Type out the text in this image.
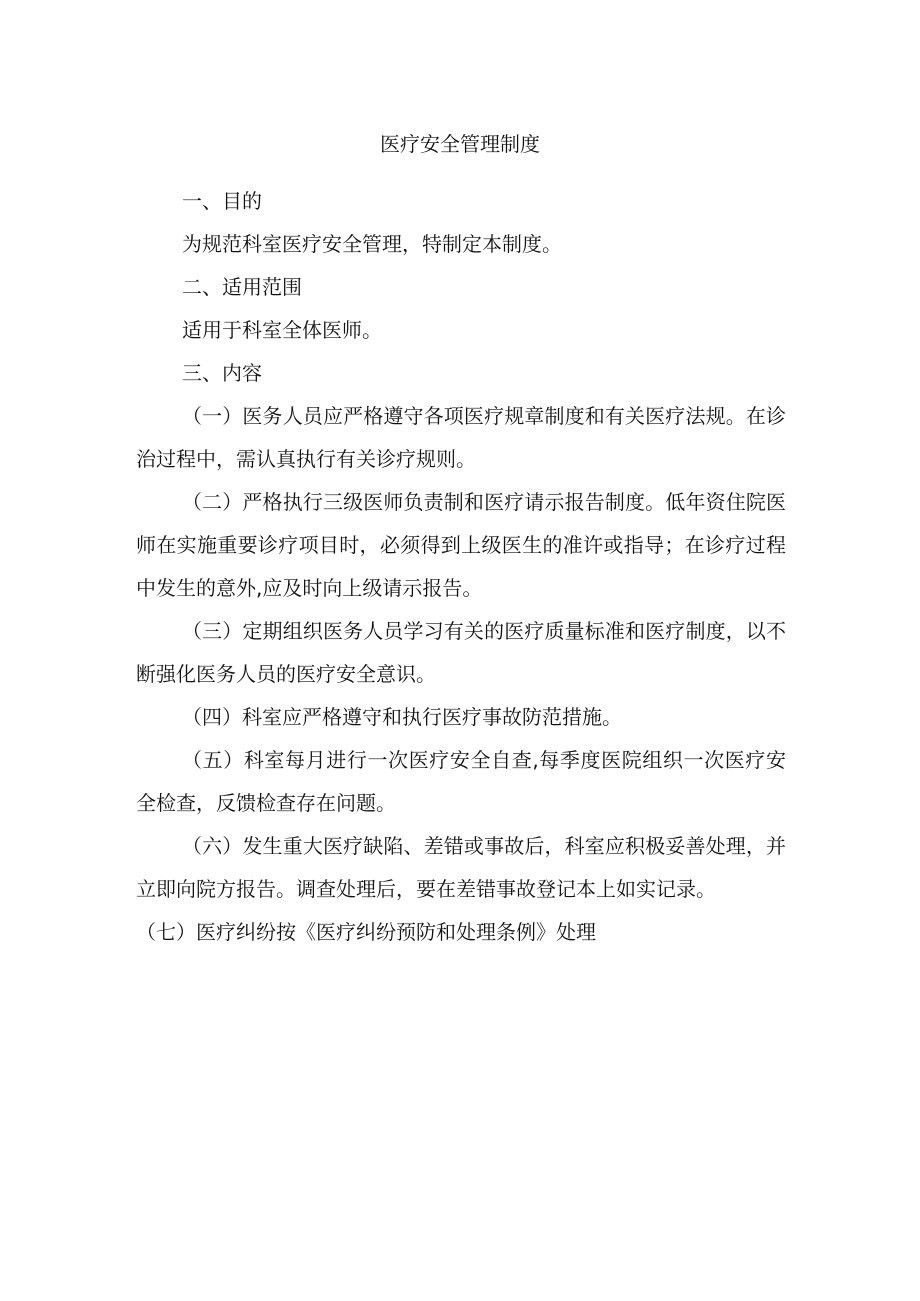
医疗安全管理制度

一、目的

为规范科室医疗安全管理，特制定本制度。

二、适用范围

适用于科室全体医师。

三、内容

（一）医务人员应严格遵守各项医疗规章制度和有关医疗法规。在诊治过程中，需认真执行有关诊疗规则。

（二）严格执行三级医师负责制和医疗请示报告制度。低年资住院医师在实施重要诊疗项目时，必须得到上级医生的准许或指导；在诊疗过程中发生的意外,应及时向上级请示报告。

（三）定期组织医务人员学习有关的医疗质量标准和医疗制度，以不断强化医务人员的医疗安全意识。

（四）科室应严格遵守和执行医疗事故防范措施。

（五）科室每月进行一次医疗安全自查,每季度医院组织一次医疗安全检查，反馈检查存在问题。

（六）发生重大医疗缺陷、差错或事故后，科室应积极妥善处理，并立即向院方报告。调查处理后，要在差错事故登记本上如实记录。

（七）医疗纠纷按《医疗纠纷预防和处理条例》处理
